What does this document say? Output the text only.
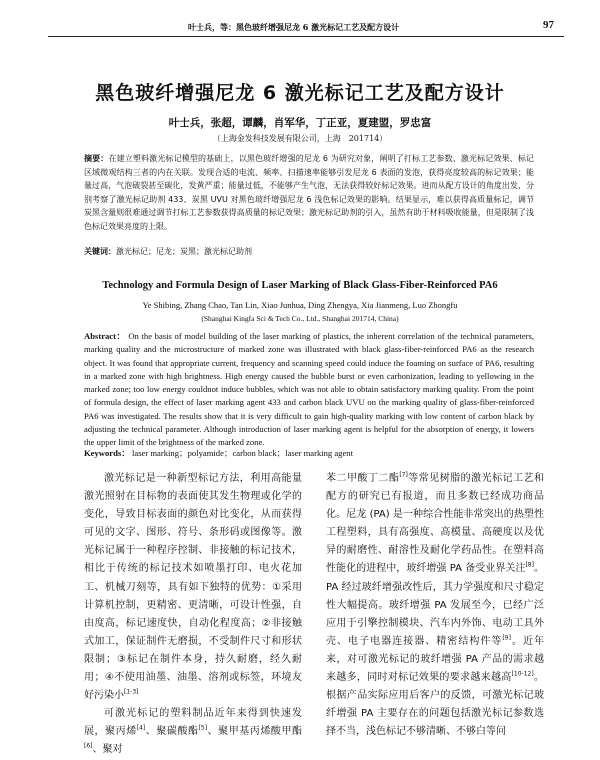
叶士兵，等：黑色玻纤增强尼龙 6 激光标记工艺及配方设计	97
黑色玻纤增强尼龙 6 激光标记工艺及配方设计
叶士兵，张超，谭麟，肖军华，丁正亚，夏建盟，罗忠富
（上海金发科技发展有限公司，上海　201714）
摘要：在建立塑料激光标记模型的基础上，以黑色玻纤增强的尼龙 6 为研究对象，阐明了打标工艺参数、激光标记效果、标记区域微观结构三者的内在关联。发现合适的电流、频率、扫描速率能够引发尼龙 6 表面的发泡，获得亮度较高的标记效果；能量过高，气泡破裂甚至碳化，发黄严重；能量过低，不能够产生气泡，无法获得较好标记效果。进而从配方设计的角度出发，分别考察了激光标记助剂 433、炭黑 UVU 对黑色玻纤增强尼龙 6 浅色标记效果的影响。结果显示，难以获得高质量标记，调节炭黑含量则很难通过调节打标工艺参数获得高质量的标记效果；激光标记助剂的引入，虽然有助于材料吸收能量，但是限制了浅色标记效果亮度的上限。
关键词：激光标记；尼龙；炭黑；激光标记助剂
Technology and Formula Design of Laser Marking of Black Glass-Fiber-Reinforced PA6
Ye Shibing, Zhang Chao, Tan Lin, Xiao Junhua, Ding Zhengya, Xia Jianmeng, Luo Zhongfu
(Shanghai Kingfa Sci & Tech Co., Ltd., Shanghai 201714, China)
Abstract： On the basis of model building of the laser marking of plastics, the inherent correlation of the technical parameters, marking quality and the microstructure of marked zone was illustrated with black glass-fiber-reinforced PA6 as the research object. It was found that appropriate current, frequency and scanning speed could induce the foaming on surface of PA6, resulting in a marked zone with high brightness. High energy caused the bubble burst or even carbonization, leading to yellowing in the marked zone; too low energy couldnot induce bubbles, which was not able to obtain satisfactory marking quality. From the point of formula design, the effect of laser marking agent 433 and carbon black UVU on the marking quality of glass-fiber-reinforced PA6 was investigated. The results show that it is very difficult to gain high-quality marking with low content of carbon black by adjusting the technical parameter. Although introduction of laser marking agent is helpful for the absorption of energy, it lowers the upper limit of the brightness of the marked zone.
Keywords： laser marking；polyamide；carbon black；laser marking agent

激光标记是一种新型标记方法，利用高能量激光照射在目标物的表面使其发生物理或化学的变化，导致目标表面的颜色对比变化，从而获得可见的文字、图形、符号、条形码或图像等。激光标记属于一种程序控制、非接触的标记技术，相比于传统的标记技术如喷墨打印、电火花加工、机械刀刻等，具有如下独特的优势：①采用计算机控制，更精密、更清晰，可设计性强，自由度高，标记速度快，自动化程度高；②非接触式加工，保证制件无磨损，不受制件尺寸和形状限制；③标记在制件本身，持久耐磨，经久耐用；④不使用油墨、油墨、溶剂或标签，环境友好污染小[1-3]

可激光标记的塑料制品近年来得到快速发展，聚丙烯[4]、聚碳酸酯[5]、聚甲基丙烯酸甲酯[6]、聚对

苯二甲酸丁二酯[7]等常见树脂的激光标记工艺和配方的研究已有报道，而且多数已经成功商品化。尼龙 (PA) 是一种综合性能非常突出的热塑性工程塑料，具有高强度、高模量、高硬度以及优异的耐磨性、耐溶性及耐化学药品性。在塑料高性能化的进程中，玻纤增强 PA 备受业界关注[8]。PA 经过玻纤增强改性后，其力学强度和尺寸稳定性大幅提高。玻纤增强 PA 发展至今，已经广泛应用于引擎控制模块、汽车内外饰、电动工具外壳、电子电器连接器、精密结构件等[9]。近年来，对可激光标记的玻纤增强 PA 产品的需求越来越多，同时对标记效果的要求越来越高[10-12]。根据产品实际应用后客户的反馈，可激光标记玻纤增强 PA 主要存在的问题包括激光标记参数选择不当，浅色标记不够清晰、不够白等问
